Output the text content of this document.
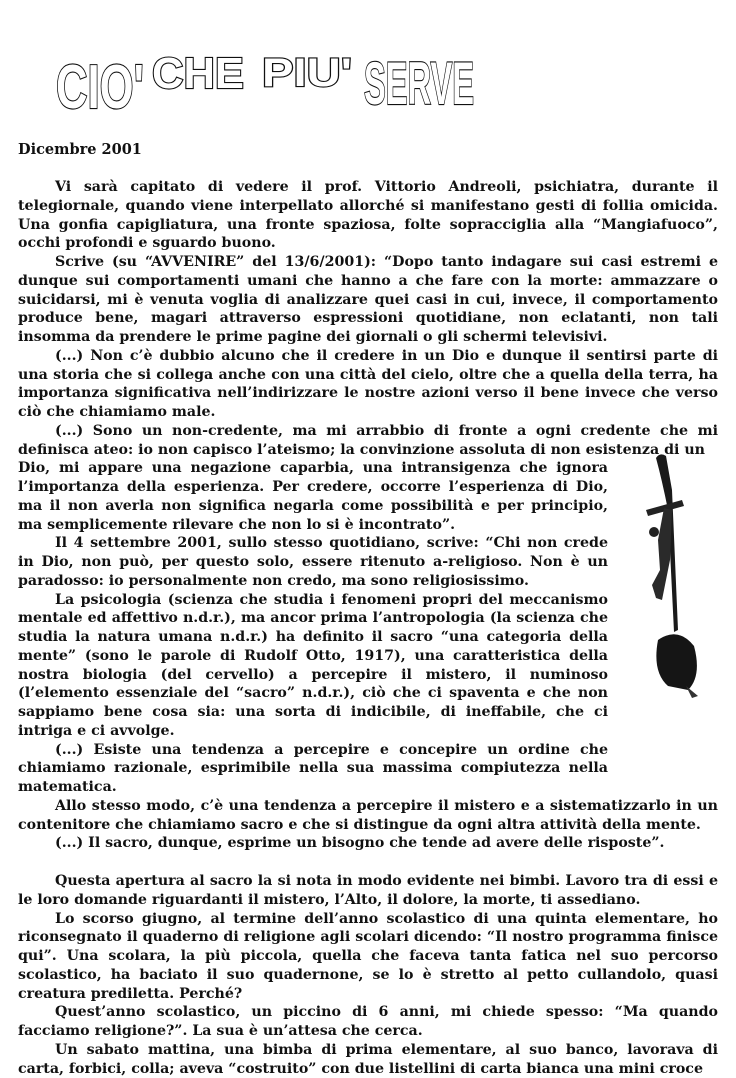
CIO' CHE PIU' SERVE
Dicembre 2001

Vi sarà capitato di vedere il prof. Vittorio Andreoli, psichiatra, durante il telegiornale, quando viene interpellato allorché si manifestano gesti di follia omicida. Una gonfia capigliatura, una fronte spaziosa, folte sopracciglia alla “Mangiafuoco”, occhi profondi e sguardo buono.

Scrive (su “AVVENIRE” del 13/6/2001): “Dopo tanto indagare sui casi estremi e dunque sui comportamenti umani che hanno a che fare con la morte: ammazzare o suicidarsi, mi è venuta voglia di analizzare quei casi in cui, invece, il comportamento produce bene, magari attraverso espressioni quotidiane, non eclatanti, non tali insomma da prendere le prime pagine dei giornali o gli schermi televisivi.

(...) Non c’è dubbio alcuno che il credere in un Dio e dunque il sentirsi parte di una storia che si collega anche con una città del cielo, oltre che a quella della terra, ha importanza significativa nell’indirizzare le nostre azioni verso il bene invece che verso ciò che chiamiamo male.

(...) Sono un non-credente, ma mi arrabbio di fronte a ogni credente che mi definisca ateo: io non capisco l’ateismo; la convinzione assoluta di non esistenza di un

Dio, mi appare una negazione caparbia, una intransigenza che ignora l’importanza della esperienza. Per credere, occorre l’esperienza di Dio, ma il non averla non significa negarla come possibilità e per principio, ma semplicemente rilevare che non lo si è incontrato”.

Il 4 settembre 2001, sullo stesso quotidiano, scrive: “Chi non crede in Dio, non può, per questo solo, essere ritenuto a-religioso. Non è un paradosso: io personalmente non credo, ma sono religiosissimo.

La psicologia (scienza che studia i fenomeni propri del meccanismo mentale ed affettivo n.d.r.), ma ancor prima l’antropologia (la scienza che studia la natura umana n.d.r.) ha definito il sacro “una categoria della mente” (sono le parole di Rudolf Otto, 1917), una caratteristica della nostra biologia (del cervello) a percepire il mistero, il numinoso (l’elemento essenziale del “sacro” n.d.r.), ciò che ci spaventa e che non sappiamo bene cosa sia: una sorta di indicibile, di ineffabile, che ci intriga e ci avvolge.

(...) Esiste una tendenza a percepire e concepire un ordine che chiamiamo razionale, esprimibile nella sua massima compiutezza nella matematica.

Allo stesso modo, c’è una tendenza a percepire il mistero e a sistematizzarlo in un contenitore che chiamiamo sacro e che si distingue da ogni altra attività della mente.

(...) Il sacro, dunque, esprime un bisogno che tende ad avere delle risposte”.

Questa apertura al sacro la si nota in modo evidente nei bimbi. Lavoro tra di essi e le loro domande riguardanti il mistero, l’Alto, il dolore, la morte, ti assediano.

Lo scorso giugno, al termine dell’anno scolastico di una quinta elementare, ho riconsegnato il quaderno di religione agli scolari dicendo: “Il nostro programma finisce qui”. Una scolara, la più piccola, quella che faceva tanta fatica nel suo percorso scolastico, ha baciato il suo quadernone, se lo è stretto al petto cullandolo, quasi creatura prediletta. Perché?

Quest’anno scolastico, un piccino di 6 anni, mi chiede spesso: “Ma quando facciamo religione?”. La sua è un’attesa che cerca.

Un sabato mattina, una bimba di prima elementare, al suo banco, lavorava di carta, forbici, colla; aveva “costruito” con due listellini di carta bianca una mini croce
